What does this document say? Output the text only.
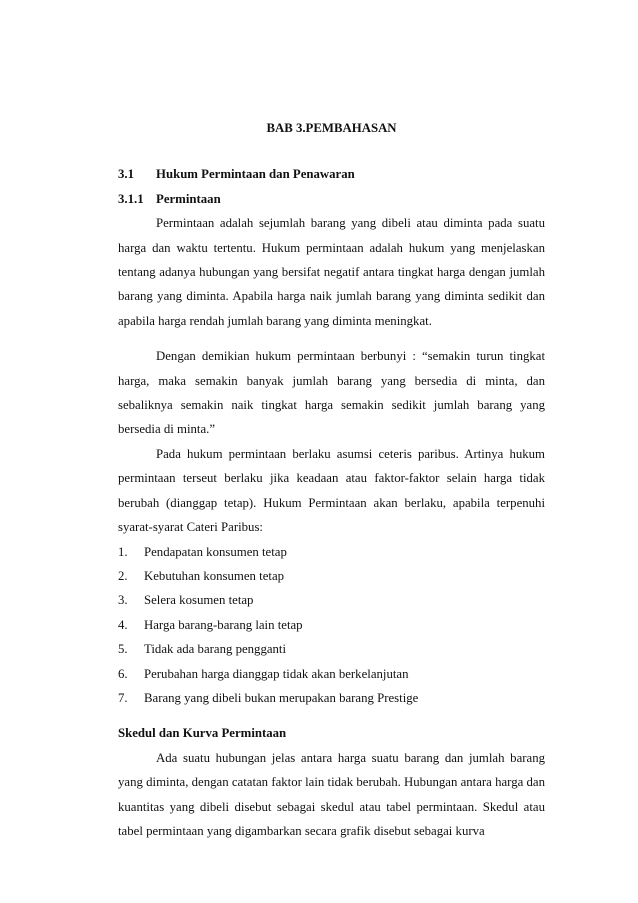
BAB 3.PEMBAHASAN

3.1 Hukum Permintaan dan Penawaran

3.1.1 Permintaan

Permintaan adalah sejumlah barang yang dibeli atau diminta pada suatu harga dan waktu tertentu. Hukum permintaan adalah hukum yang menjelaskan tentang adanya hubungan yang bersifat negatif antara tingkat harga dengan jumlah barang yang diminta. Apabila harga naik jumlah barang yang diminta sedikit dan apabila harga rendah jumlah barang yang diminta meningkat.

Dengan demikian hukum permintaan berbunyi : “semakin turun tingkat harga, maka semakin banyak jumlah barang yang bersedia di minta, dan sebaliknya semakin naik tingkat harga semakin sedikit jumlah barang yang bersedia di minta.”

Pada hukum permintaan berlaku asumsi ceteris paribus. Artinya hukum permintaan terseut berlaku jika keadaan atau faktor-faktor selain harga tidak berubah (dianggap tetap). Hukum Permintaan akan berlaku, apabila terpenuhi syarat-syarat Cateri Paribus:

1. Pendapatan konsumen tetap
2. Kebutuhan konsumen tetap
3. Selera kosumen tetap
4. Harga barang-barang lain tetap
5. Tidak ada barang pengganti
6. Perubahan harga dianggap tidak akan berkelanjutan
7. Barang yang dibeli bukan merupakan barang Prestige

Skedul dan Kurva Permintaan

Ada suatu hubungan jelas antara harga suatu barang dan jumlah barang yang diminta, dengan catatan faktor lain tidak berubah. Hubungan antara harga dan kuantitas yang dibeli disebut sebagai skedul atau tabel permintaan. Skedul atau tabel permintaan yang digambarkan secara grafik disebut sebagai kurva
